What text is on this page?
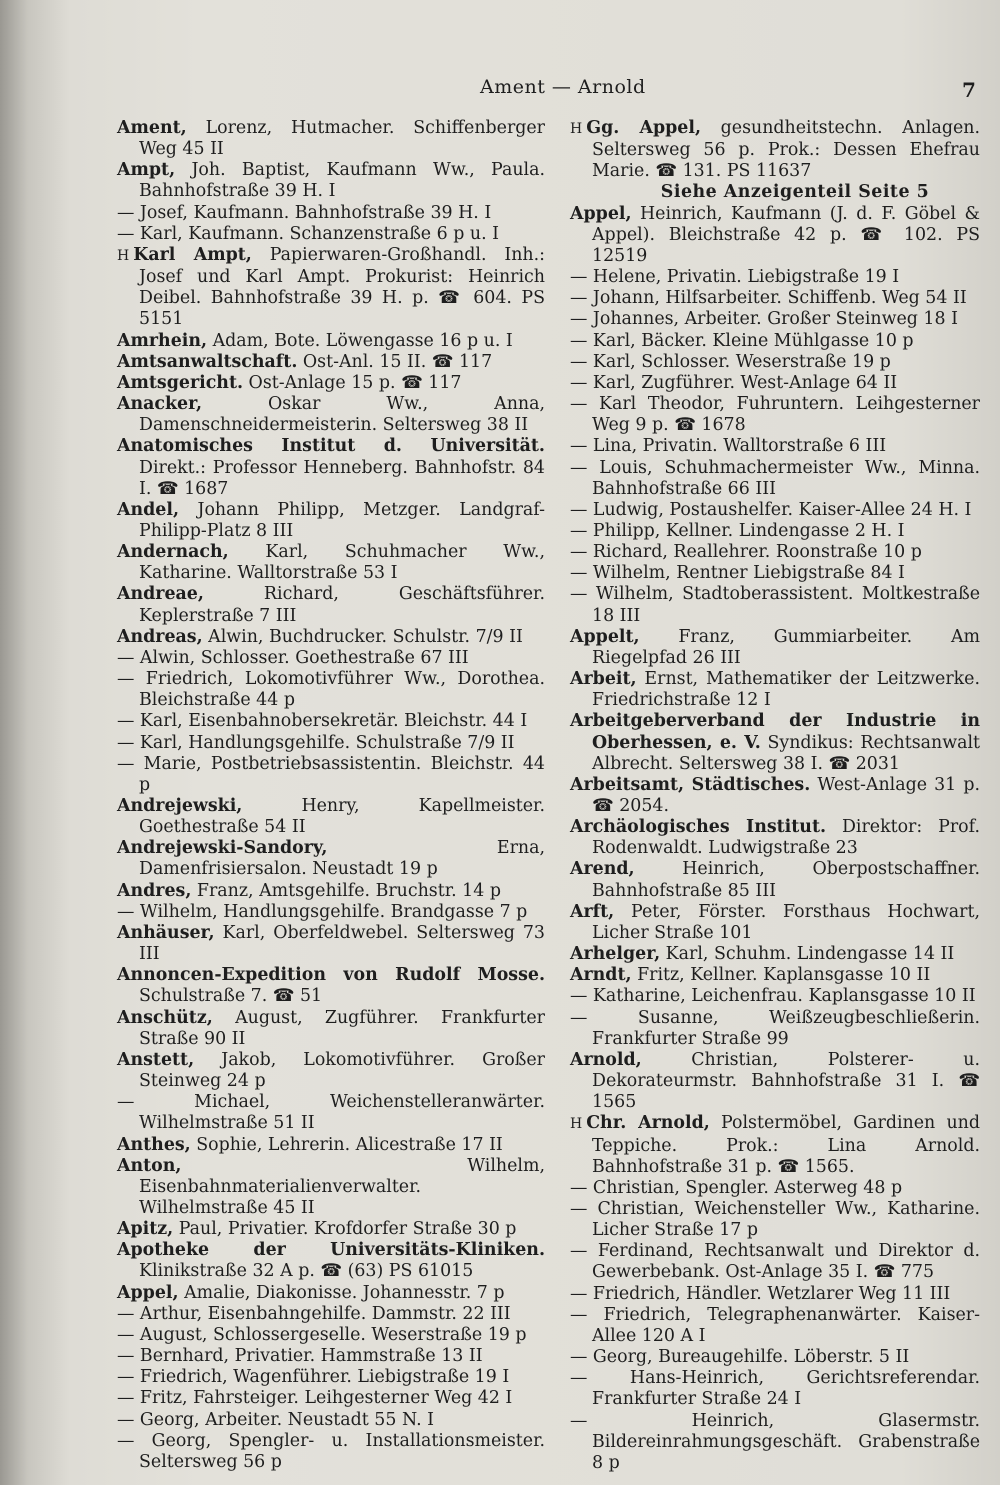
Ament — Arnold	7
Ament, Lorenz, Hutmacher. Schiffenberger Weg 45 II
Ampt, Joh. Baptist, Kaufmann Ww., Paula. Bahnhofstraße 39 H. I
— Josef, Kaufmann. Bahnhofstraße 39 H. I
— Karl, Kaufmann. Schanzenstraße 6 p u. I
H Karl Ampt, Papierwaren-Großhandl. Inh.: Josef und Karl Ampt. Prokurist: Heinrich Deibel. Bahnhofstraße 39 H. p. ☎ 604. PS 5151
Amrhein, Adam, Bote. Löwengasse 16 p u. I
Amtsanwaltschaft. Ost-Anl. 15 II. ☎ 117
Amtsgericht. Ost-Anlage 15 p. ☎ 117
Anacker, Oskar Ww., Anna, Damenschneidermeisterin. Seltersweg 38 II
Anatomisches Institut d. Universität. Direkt.: Professor Henneberg. Bahnhofstr. 84 I. ☎ 1687
Andel, Johann Philipp, Metzger. Landgraf-Philipp-Platz 8 III
Andernach, Karl, Schuhmacher Ww., Katharine. Walltorstraße 53 I
Andreae, Richard, Geschäftsführer. Keplerstraße 7 III
Andreas, Alwin, Buchdrucker. Schulstr. 7/9 II
— Alwin, Schlosser. Goethestraße 67 III
— Friedrich, Lokomotivführer Ww., Dorothea. Bleichstraße 44 p
— Karl, Eisenbahnobersekretär. Bleichstr. 44 I
— Karl, Handlungsgehilfe. Schulstraße 7/9 II
— Marie, Postbetriebsassistentin. Bleichstr. 44 p
Andrejewski, Henry, Kapellmeister. Goethestraße 54 II
Andrejewski-Sandory, Erna, Damenfrisiersalon. Neustadt 19 p
Andres, Franz, Amtsgehilfe. Bruchstr. 14 p
— Wilhelm, Handlungsgehilfe. Brandgasse 7 p
Anhäuser, Karl, Oberfeldwebel. Seltersweg 73 III
Annoncen-Expedition von Rudolf Mosse. Schulstraße 7. ☎ 51
Anschütz, August, Zugführer. Frankfurter Straße 90 II
Anstett, Jakob, Lokomotivführer. Großer Steinweg 24 p
— Michael, Weichenstelleranwärter. Wilhelmstraße 51 II
Anthes, Sophie, Lehrerin. Alicestraße 17 II
Anton, Wilhelm, Eisenbahnmaterialienverwalter. Wilhelmstraße 45 II
Apitz, Paul, Privatier. Krofdorfer Straße 30 p
Apotheke der Universitäts-Kliniken. Klinikstraße 32 A p. ☎ (63) PS 61015
Appel, Amalie, Diakonisse. Johannesstr. 7 p
— Arthur, Eisenbahngehilfe. Dammstr. 22 III
— August, Schlossergeselle. Weserstraße 19 p
— Bernhard, Privatier. Hammstraße 13 II
— Friedrich, Wagenführer. Liebigstraße 19 I
— Fritz, Fahrsteiger. Leihgesterner Weg 42 I
— Georg, Arbeiter. Neustadt 55 N. I
— Georg, Spengler- u. Installationsmeister. Seltersweg 56 p
H Gg. Appel, gesundheitstechn. Anlagen. Seltersweg 56 p. Prok.: Dessen Ehefrau Marie. ☎ 131. PS 11637
Siehe Anzeigenteil Seite 5
Appel, Heinrich, Kaufmann (J. d. F. Göbel & Appel). Bleichstraße 42 p. ☎ 102. PS 12519
— Helene, Privatin. Liebigstraße 19 I
— Johann, Hilfsarbeiter. Schiffenb. Weg 54 II
— Johannes, Arbeiter. Großer Steinweg 18 I
— Karl, Bäcker. Kleine Mühlgasse 10 p
— Karl, Schlosser. Weserstraße 19 p
— Karl, Zugführer. West-Anlage 64 II
— Karl Theodor, Fuhruntern. Leihgesterner Weg 9 p. ☎ 1678
— Lina, Privatin. Walltorstraße 6 III
— Louis, Schuhmachermeister Ww., Minna. Bahnhofstraße 66 III
— Ludwig, Postaushelfer. Kaiser-Allee 24 H. I
— Philipp, Kellner. Lindengasse 2 H. I
— Richard, Reallehrer. Roonstraße 10 p
— Wilhelm, Rentner Liebigstraße 84 I
— Wilhelm, Stadtoberassistent. Moltkestraße 18 III
Appelt, Franz, Gummiarbeiter. Am Riegelpfad 26 III
Arbeit, Ernst, Mathematiker der Leitzwerke. Friedrichstraße 12 I
Arbeitgeberverband der Industrie in Oberhessen, e. V. Syndikus: Rechtsanwalt Albrecht. Seltersweg 38 I. ☎ 2031
Arbeitsamt, Städtisches. West-Anlage 31 p. ☎ 2054.
Archäologisches Institut. Direktor: Prof. Rodenwaldt. Ludwigstraße 23
Arend, Heinrich, Oberpostschaffner. Bahnhofstraße 85 III
Arft, Peter, Förster. Forsthaus Hochwart, Licher Straße 101
Arhelger, Karl, Schuhm. Lindengasse 14 II
Arndt, Fritz, Kellner. Kaplansgasse 10 II
— Katharine, Leichenfrau. Kaplansgasse 10 II
— Susanne, Weißzeugbeschließerin. Frankfurter Straße 99
Arnold, Christian, Polsterer- u. Dekorateurmstr. Bahnhofstraße 31 I. ☎ 1565
H Chr. Arnold, Polstermöbel, Gardinen und Teppiche. Prok.: Lina Arnold. Bahnhofstraße 31 p. ☎ 1565.
— Christian, Spengler. Asterweg 48 p
— Christian, Weichensteller Ww., Katharine. Licher Straße 17 p
— Ferdinand, Rechtsanwalt und Direktor d. Gewerbebank. Ost-Anlage 35 I. ☎ 775
— Friedrich, Händler. Wetzlarer Weg 11 III
— Friedrich, Telegraphenanwärter. Kaiser-Allee 120 A I
— Georg, Bureaugehilfe. Löberstr. 5 II
— Hans-Heinrich, Gerichtsreferendar. Frankfurter Straße 24 I
— Heinrich, Glasermstr. Bildereinrahmungsgeschäft. Grabenstraße 8 p
